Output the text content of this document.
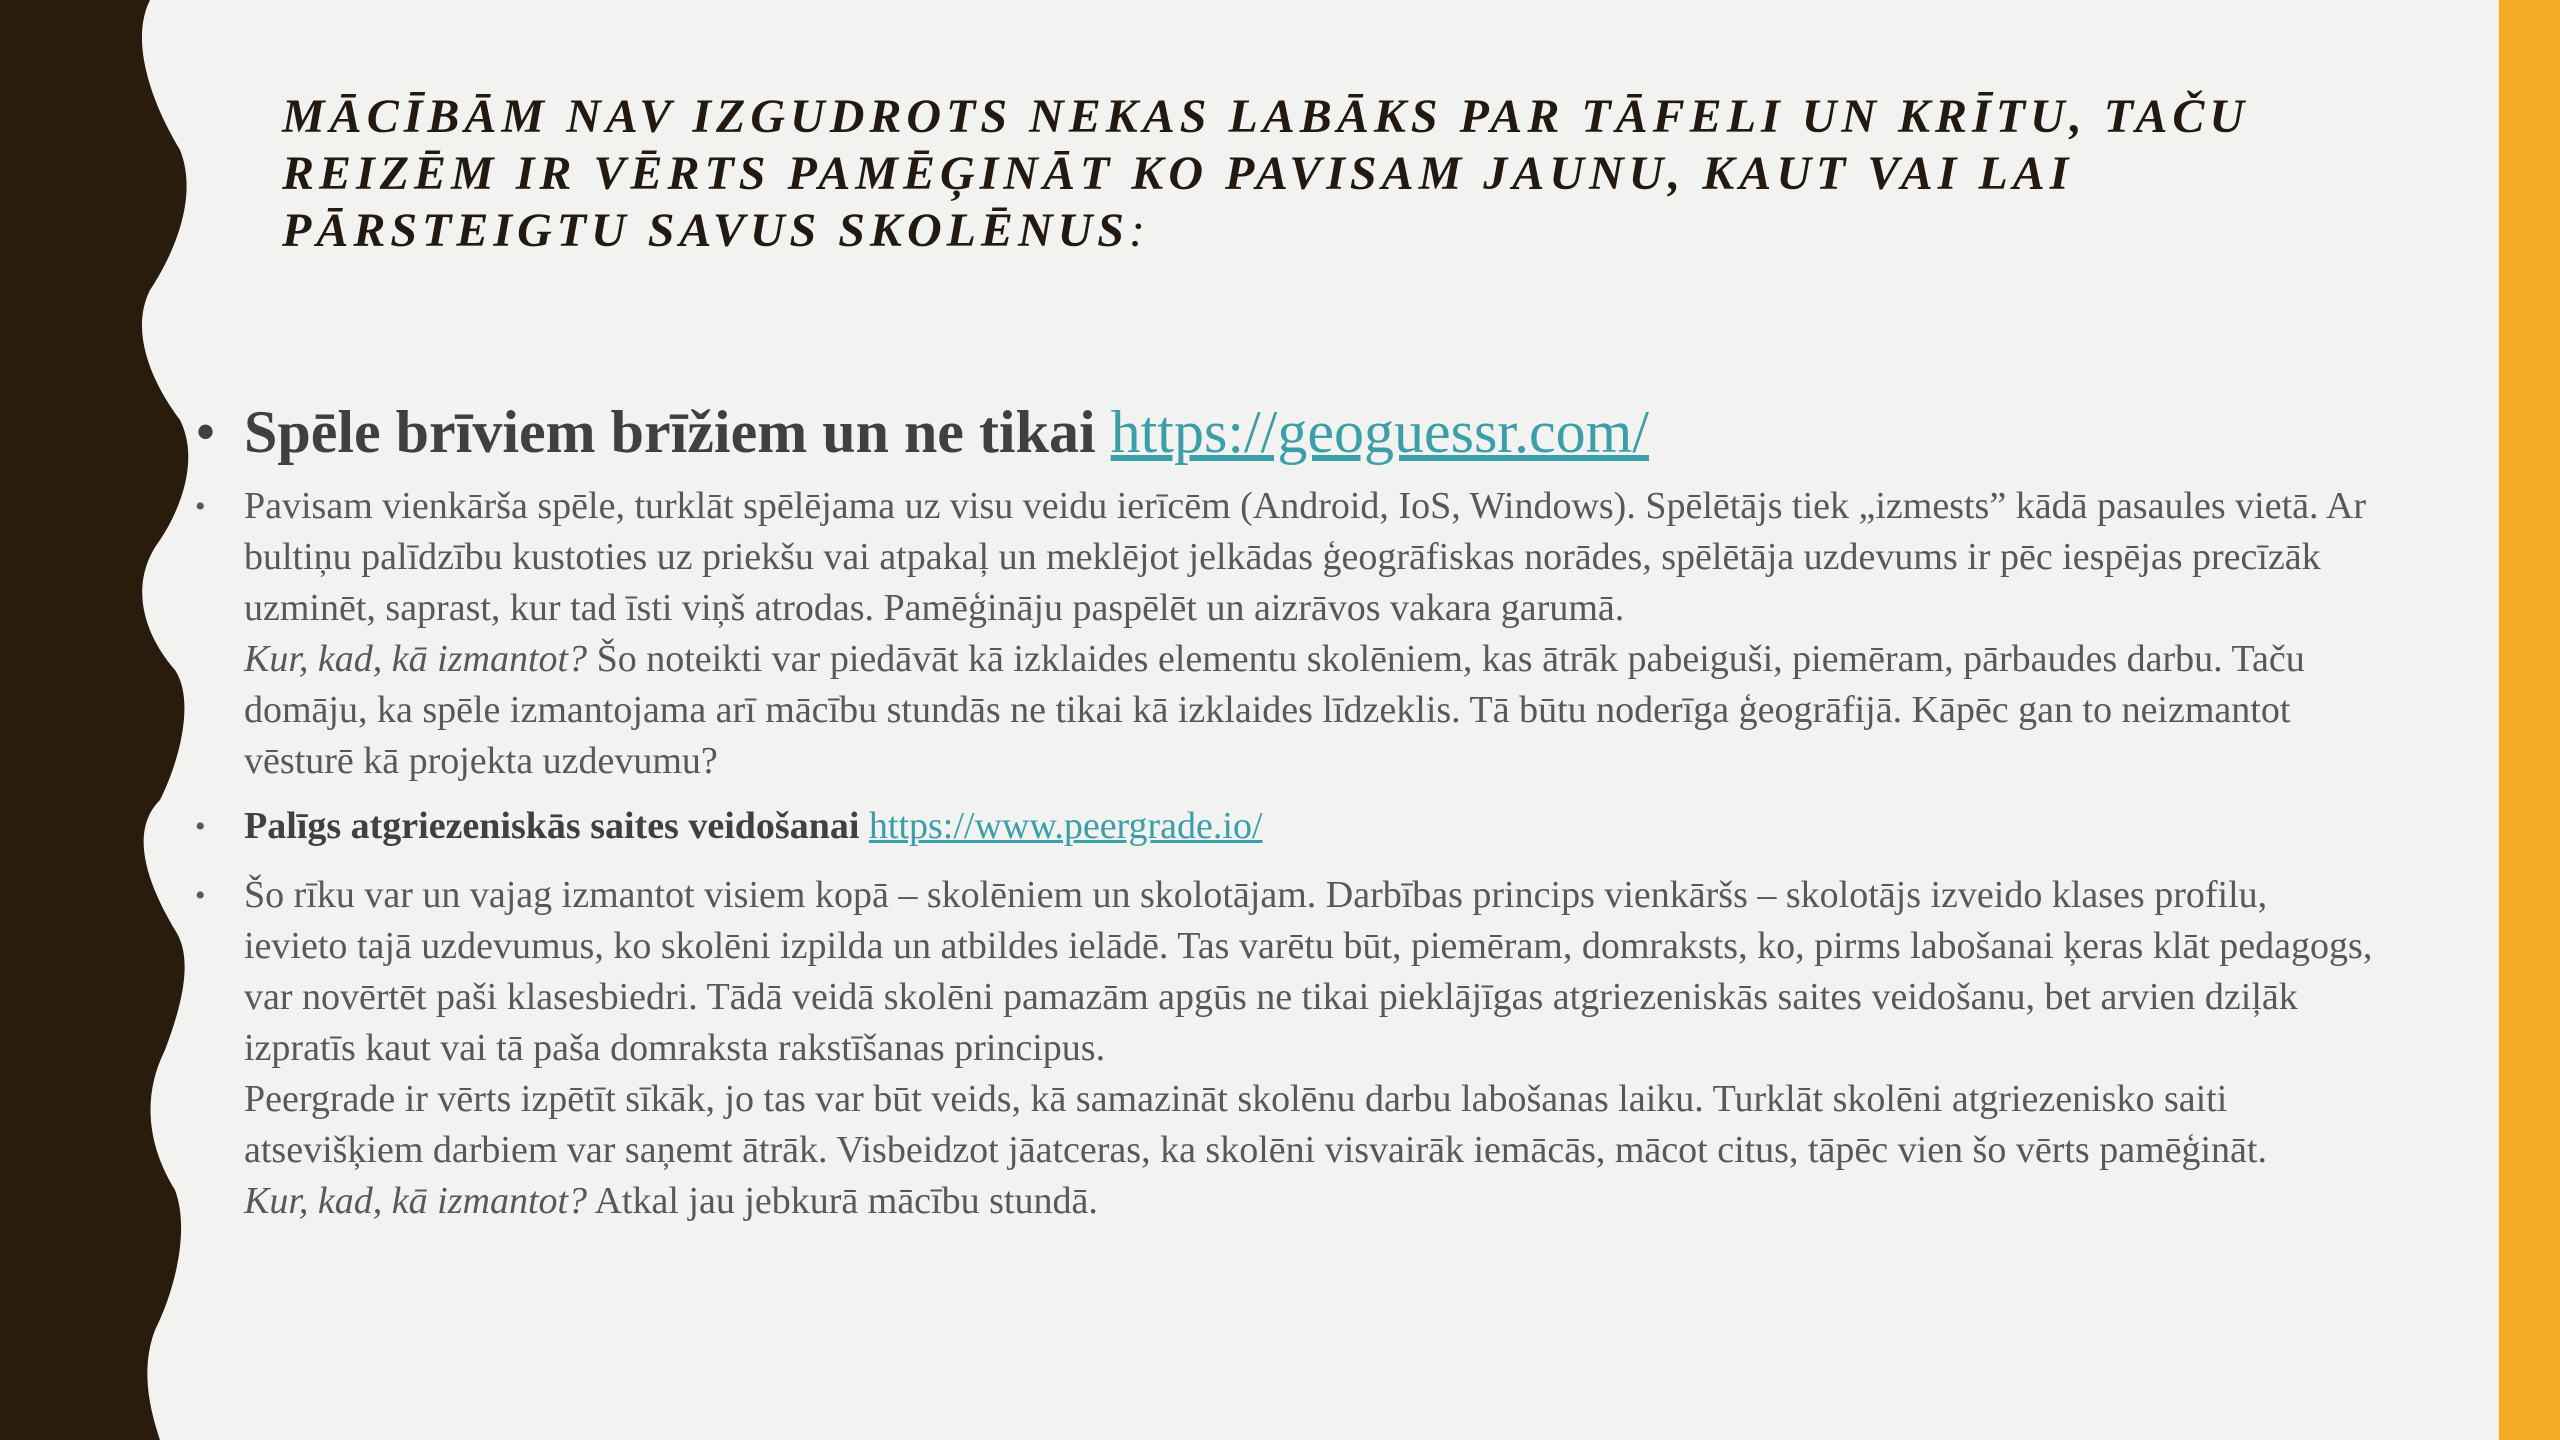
MĀCĪBĀM NAV IZGUDROTS NEKAS LABĀKS PAR TĀFELI UN KRĪTU, TAČU REIZĒM IR VĒRTS PAMĒĢINĀT KO PAVISAM JAUNU, KAUT VAI LAI PĀRSTEIGTU SAVUS SKOLĒNUS:
• Spēle brīviem brīžiem un ne tikai https://geoguessr.com/
• Pavisam vienkārša spēle, turklāt spēlējama uz visu veidu ierīcēm (Android, IoS, Windows). Spēlētājs tiek „izmests” kādā pasaules vietā. Ar bultiņu palīdzību kustoties uz priekšu vai atpakaļ un meklējot jelkādas ģeogrāfiskas norādes, spēlētāja uzdevums ir pēc iespējas precīzāk uzminēt, saprast, kur tad īsti viņš atrodas. Pamēģināju paspēlēt un aizrāvos vakara garumā.

Kur, kad, kā izmantot? Šo noteikti var piedāvāt kā izklaides elementu skolēniem, kas ātrāk pabeiguši, piemēram, pārbaudes darbu. Taču domāju, ka spēle izmantojama arī mācību stundās ne tikai kā izklaides līdzeklis. Tā būtu noderīga ģeogrāfijā. Kāpēc gan to neizmantot vēsturē kā projekta uzdevumu?

• Palīgs atgriezeniskās saites veidošanai https://www.peergrade.io/
• Šo rīku var un vajag izmantot visiem kopā – skolēniem un skolotājam. Darbības princips vienkāršs – skolotājs izveido klases profilu, ievieto tajā uzdevumus, ko skolēni izpilda un atbildes ielādē. Tas varētu būt, piemēram, domraksts, ko, pirms labošanai ķeras klāt pedagogs, var novērtēt paši klasesbiedri. Tādā veidā skolēni pamazām apgūs ne tikai pieklājīgas atgriezeniskās saites veidošanu, bet arvien dziļāk izpratīs kaut vai tā paša domraksta rakstīšanas principus.

Peergrade ir vērts izpētīt sīkāk, jo tas var būt veids, kā samazināt skolēnu darbu labošanas laiku. Turklāt skolēni atgriezenisko saiti atsevišķiem darbiem var saņemt ātrāk. Visbeidzot jāatceras, ka skolēni visvairāk iemācās, mācot citus, tāpēc vien šo vērts pamēģināt.

Kur, kad, kā izmantot? Atkal jau jebkurā mācību stundā.
